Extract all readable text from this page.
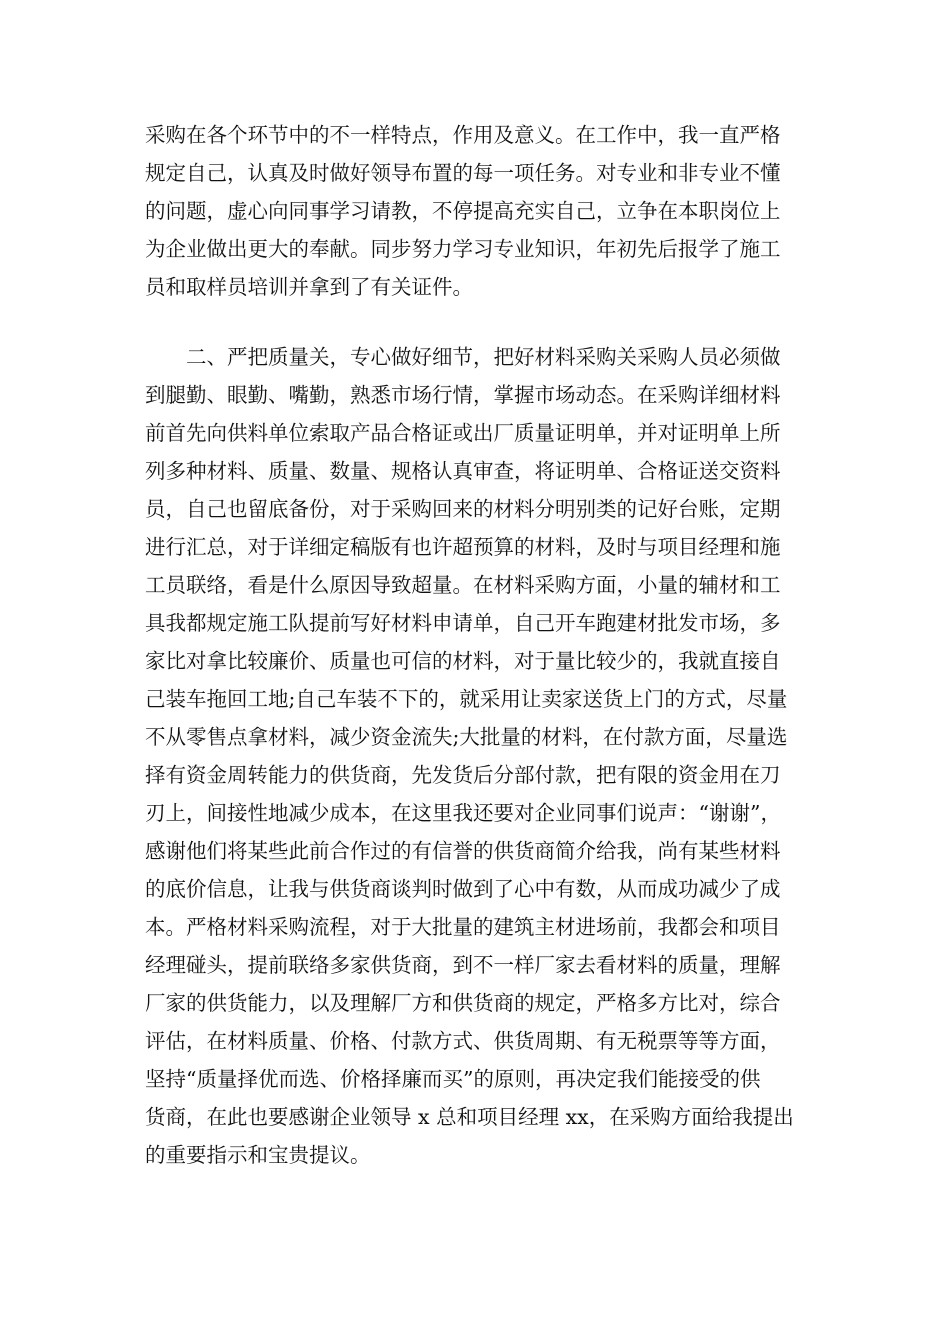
采购在各个环节中的不一样特点，作用及意义。在工作中，我一直严格
规定自己，认真及时做好领导布置的每一项任务。对专业和非专业不懂
的问题，虚心向同事学习请教，不停提高充实自己，立争在本职岗位上
为企业做出更大的奉献。同步努力学习专业知识，年初先后报学了施工
员和取样员培训并拿到了有关证件。
　　二、严把质量关，专心做好细节，把好材料采购关采购人员必须做
到腿勤、眼勤、嘴勤，熟悉市场行情，掌握市场动态。在采购详细材料
前首先向供料单位索取产品合格证或出厂质量证明单，并对证明单上所
列多种材料、质量、数量、规格认真审查，将证明单、合格证送交资料
员，自己也留底备份，对于采购回来的材料分明别类的记好台账，定期
进行汇总，对于详细定稿版有也许超预算的材料，及时与项目经理和施
工员联络，看是什么原因导致超量。在材料采购方面，小量的辅材和工
具我都规定施工队提前写好材料申请单，自己开车跑建材批发市场，多
家比对拿比较廉价、质量也可信的材料，对于量比较少的，我就直接自
己装车拖回工地;自己车装不下的，就采用让卖家送货上门的方式，尽量
不从零售点拿材料，减少资金流失;大批量的材料，在付款方面，尽量选
择有资金周转能力的供货商，先发货后分部付款，把有限的资金用在刀
刃上，间接性地减少成本，在这里我还要对企业同事们说声：“谢谢”，
感谢他们将某些此前合作过的有信誉的供货商简介给我，尚有某些材料
的底价信息，让我与供货商谈判时做到了心中有数，从而成功减少了成
本。严格材料采购流程，对于大批量的建筑主材进场前，我都会和项目
经理碰头，提前联络多家供货商，到不一样厂家去看材料的质量，理解
厂家的供货能力，以及理解厂方和供货商的规定，严格多方比对，综合
评估，在材料质量、价格、付款方式、供货周期、有无税票等等方面，
坚持“质量择优而选、价格择廉而买”的原则，再决定我们能接受的供
货商，在此也要感谢企业领导 x 总和项目经理 xx，在采购方面给我提出
的重要指示和宝贵提议。
